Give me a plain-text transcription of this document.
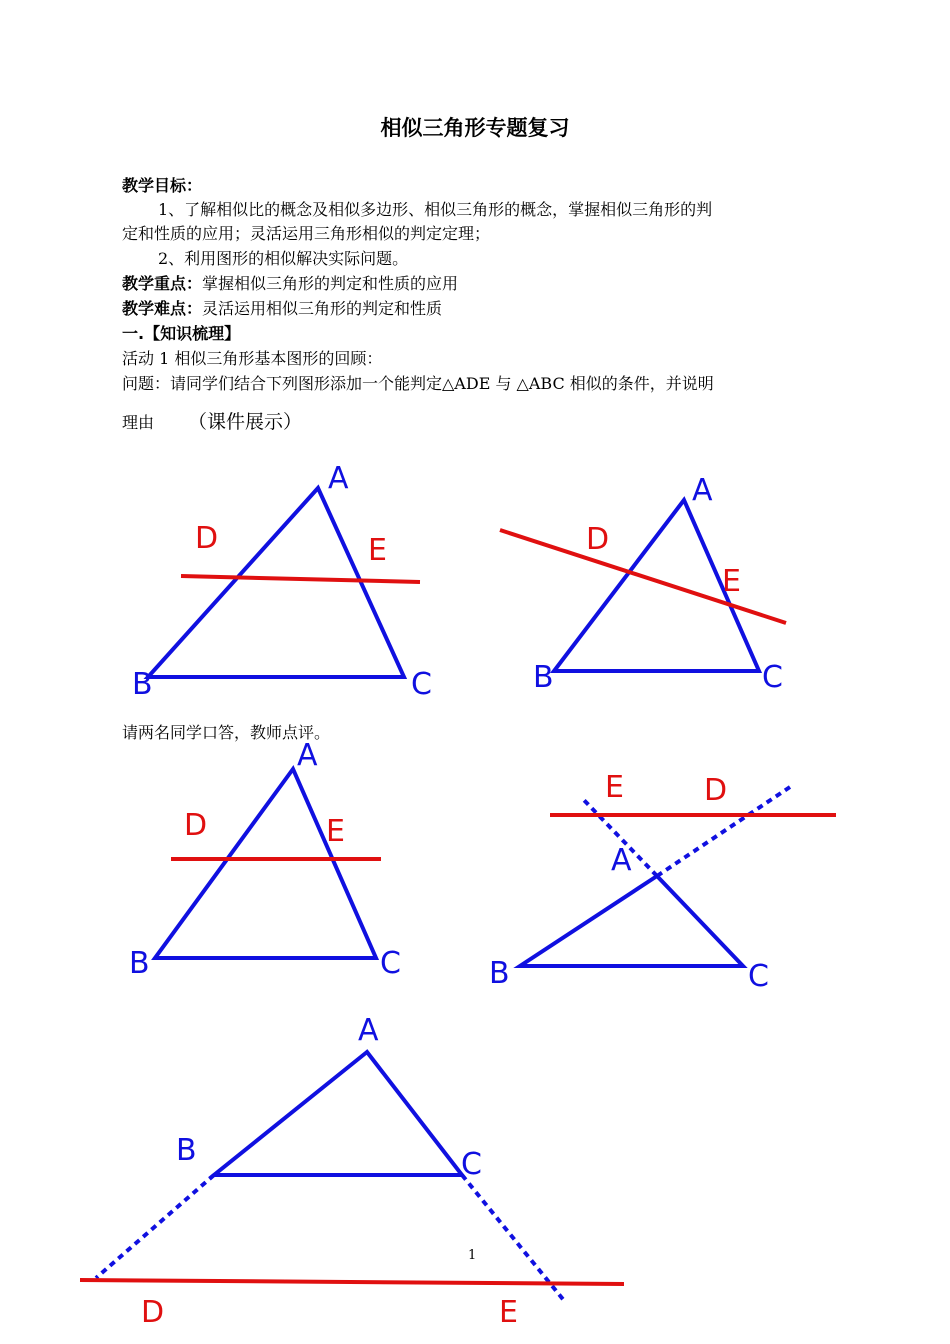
相似三角形专题复习
教学目标：
1、了解相似比的概念及相似多边形、相似三角形的概念，掌握相似三角形的判
定和性质的应用；灵活运用三角形相似的判定定理；
2、利用图形的相似解决实际问题。
教学重点：掌握相似三角形的判定和性质的应用
教学难点：灵活运用相似三角形的判定和性质
一.【知识梳理】
活动 1 相似三角形基本图形的回顾：
问题：请同学们结合下列图形添加一个能判定△ADE 与 △ABC 相似的条件，并说明
理由 （课件展示）
请两名同学口答，教师点评。
A
B	C
D	E
A
B	C
D
E
A
B	C
D	E
A
B	C
D
E
A
B	C
D	E
1
